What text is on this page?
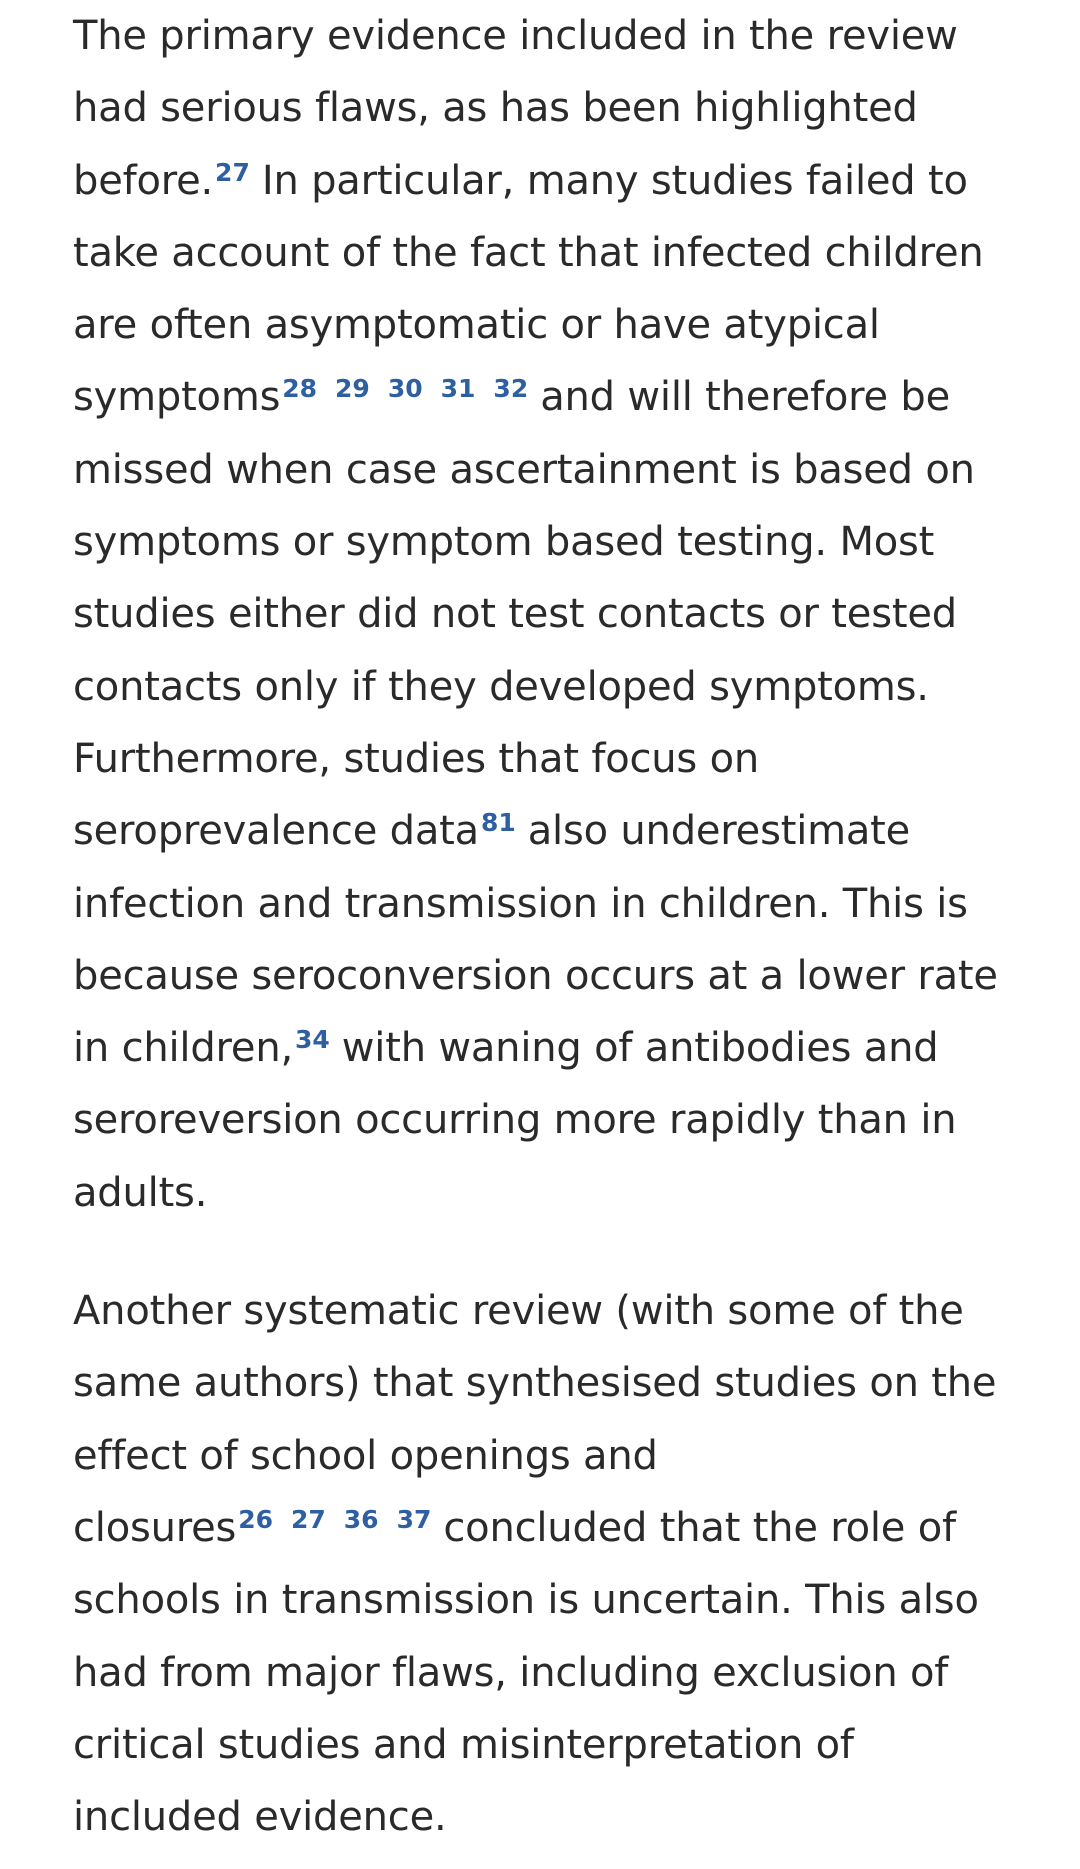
The primary evidence included in the review had serious flaws, as has been highlighted before.$^{27}$ In particular, many studies failed to take account of the fact that infected children are often asymptomatic or have atypical symptoms$^{28}$ $^{29}$ $^{30}$ $^{31}$ $^{32}$ and will therefore be missed when case ascertainment is based on symptoms or symptom based testing. Most studies either did not test contacts or tested contacts only if they developed symptoms. Furthermore, studies that focus on seroprevalence data$^{81}$ also underestimate infection and transmission in children. This is because seroconversion occurs at a lower rate in children,$^{34}$ with waning of antibodies and seroreversion occurring more rapidly than in adults.

Another systematic review (with some of the same authors) that synthesised studies on the effect of school openings and closures$^{26}$ $^{27}$ $^{36}$ $^{37}$ concluded that the role of schools in transmission is uncertain. This also had from major flaws, including exclusion of critical studies and misinterpretation of included evidence.
